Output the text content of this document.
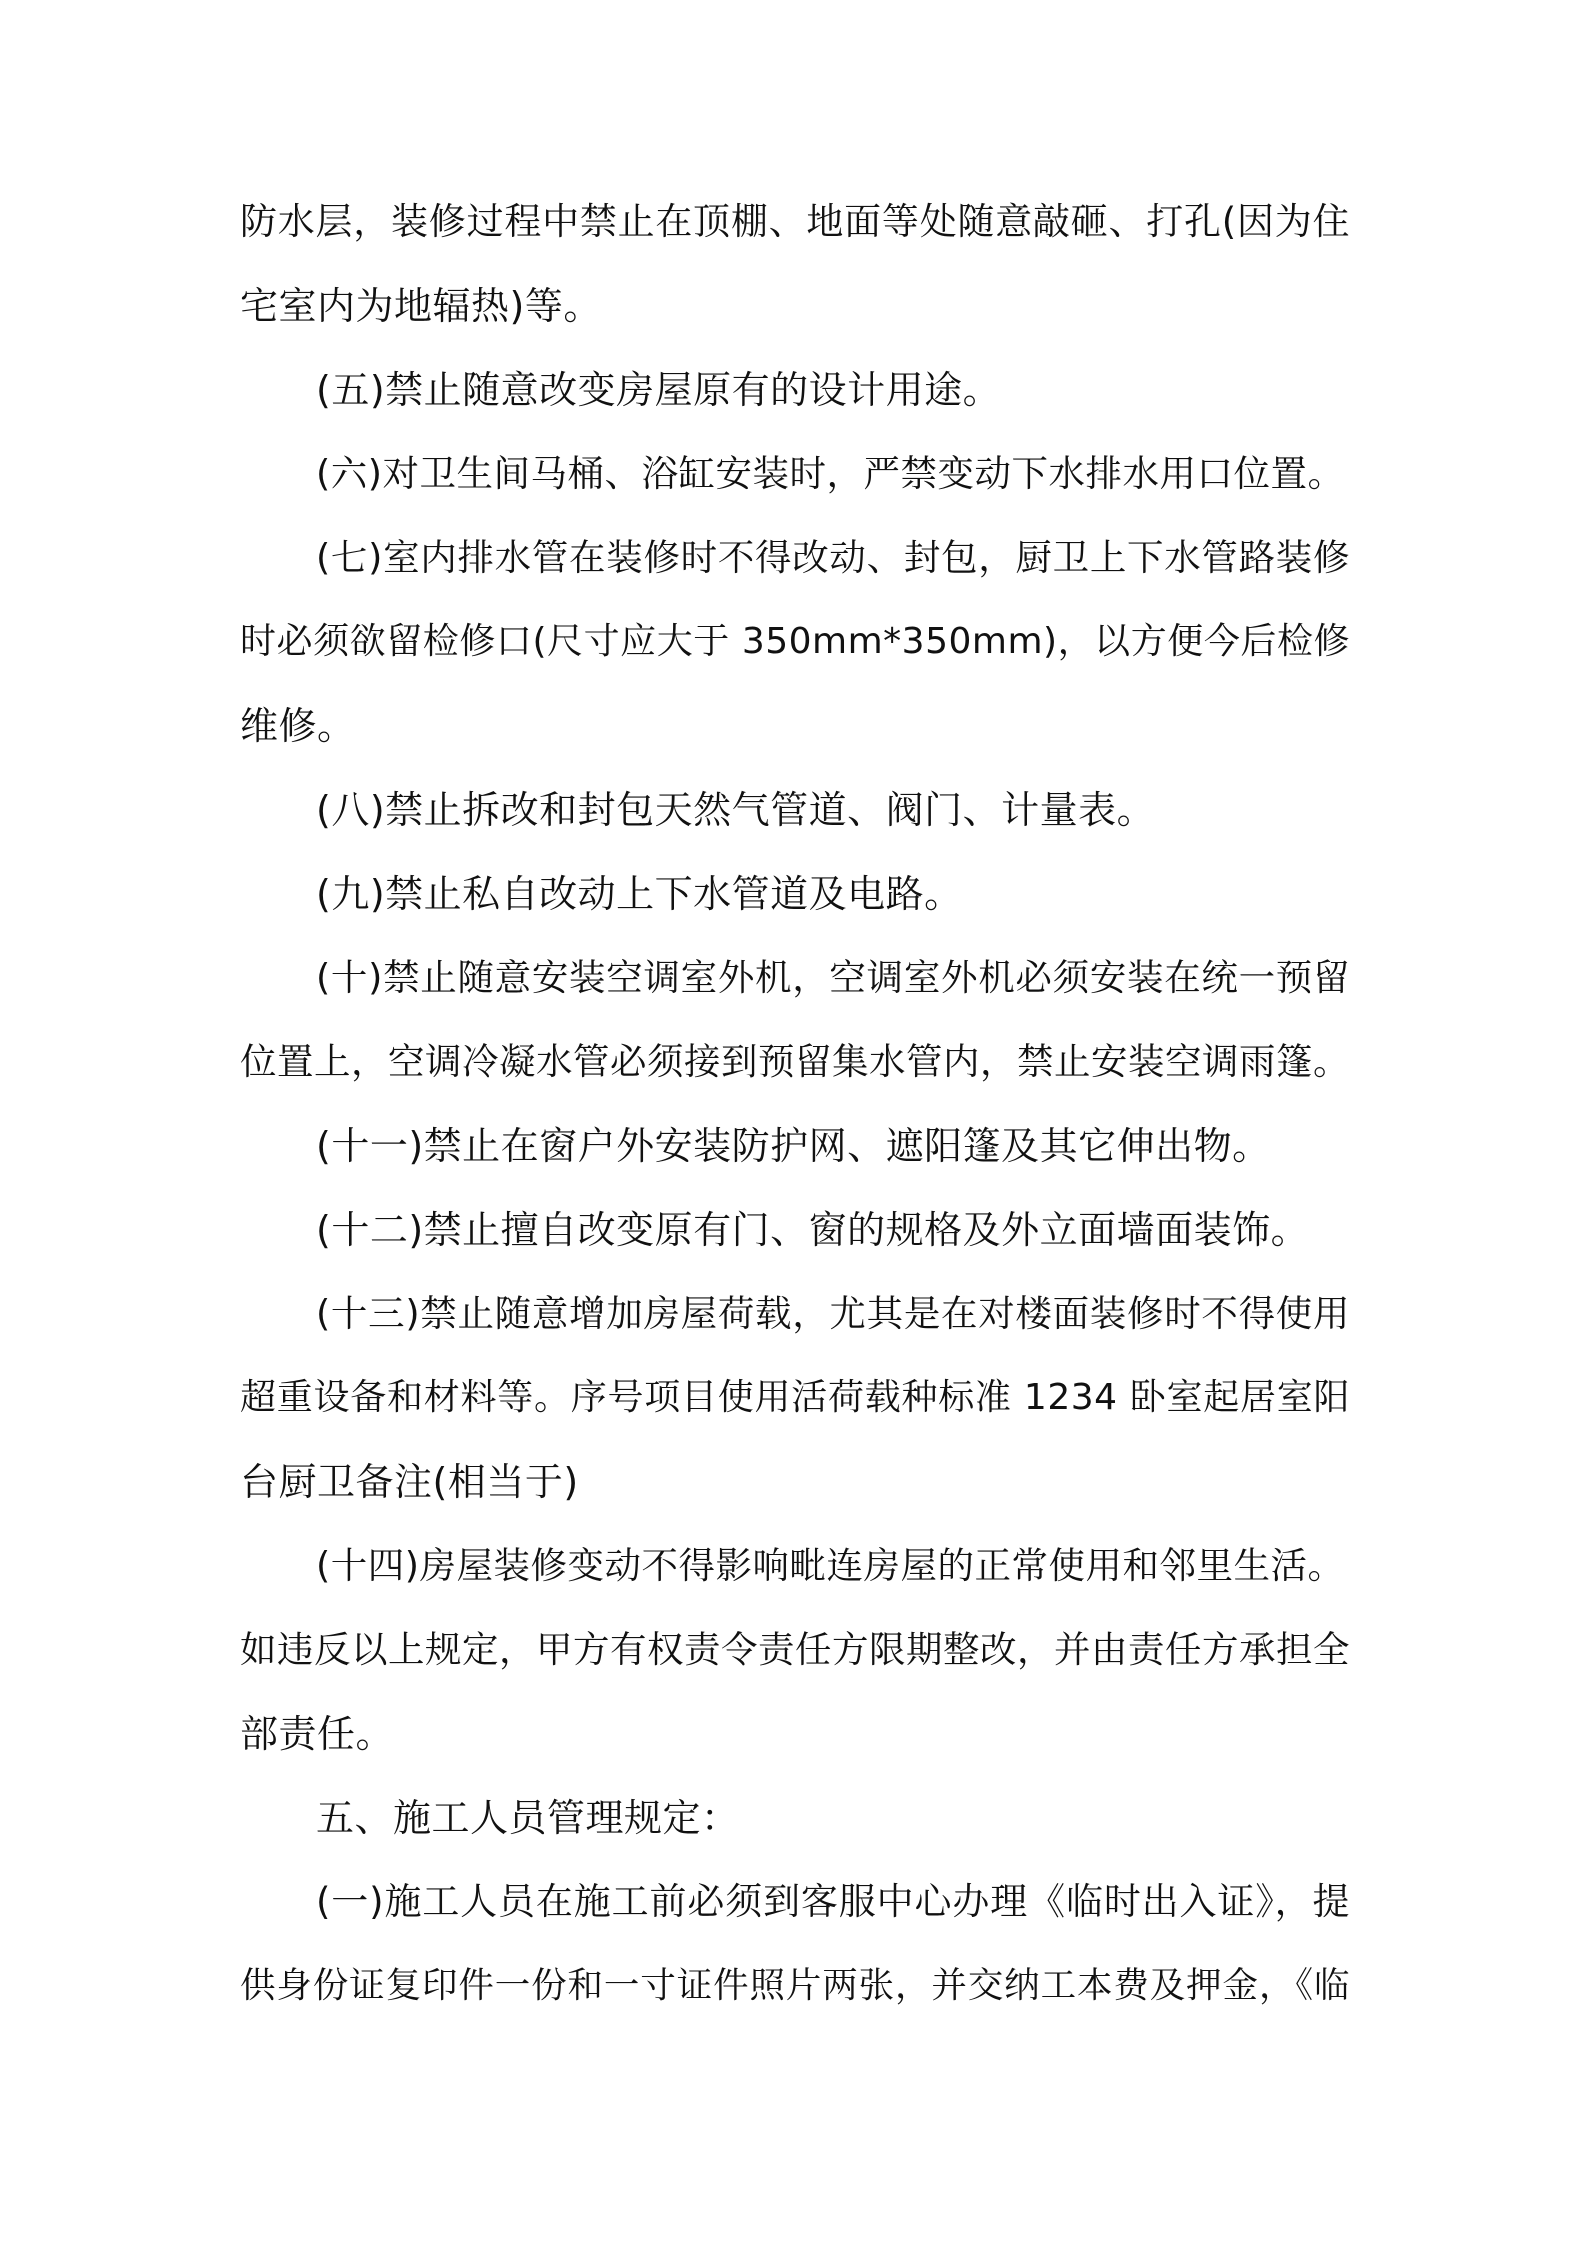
防水层，装修过程中禁止在顶棚、地面等处随意敲砸、打孔(因为住
宅室内为地辐热)等。
(五)禁止随意改变房屋原有的设计用途。
(六)对卫生间马桶、浴缸安装时，严禁变动下水排水用口位置。
(七)室内排水管在装修时不得改动、封包，厨卫上下水管路装修
时必须欲留检修口(尺寸应大于 350mm*350mm)，以方便今后检修
维修。
(八)禁止拆改和封包天然气管道、阀门、计量表。
(九)禁止私自改动上下水管道及电路。
(十)禁止随意安装空调室外机，空调室外机必须安装在统一预留
位置上，空调冷凝水管必须接到预留集水管内，禁止安装空调雨篷。
(十一)禁止在窗户外安装防护网、遮阳篷及其它伸出物。
(十二)禁止擅自改变原有门、窗的规格及外立面墙面装饰。
(十三)禁止随意增加房屋荷载，尤其是在对楼面装修时不得使用
超重设备和材料等。序号项目使用活荷载种标准 1234 卧室起居室阳
台厨卫备注(相当于)
(十四)房屋装修变动不得影响毗连房屋的正常使用和邻里生活。
如违反以上规定，甲方有权责令责任方限期整改，并由责任方承担全
部责任。
五、施工人员管理规定：
(一)施工人员在施工前必须到客服中心办理《临时出入证》，提
供身份证复印件一份和一寸证件照片两张，并交纳工本费及押金，《临
